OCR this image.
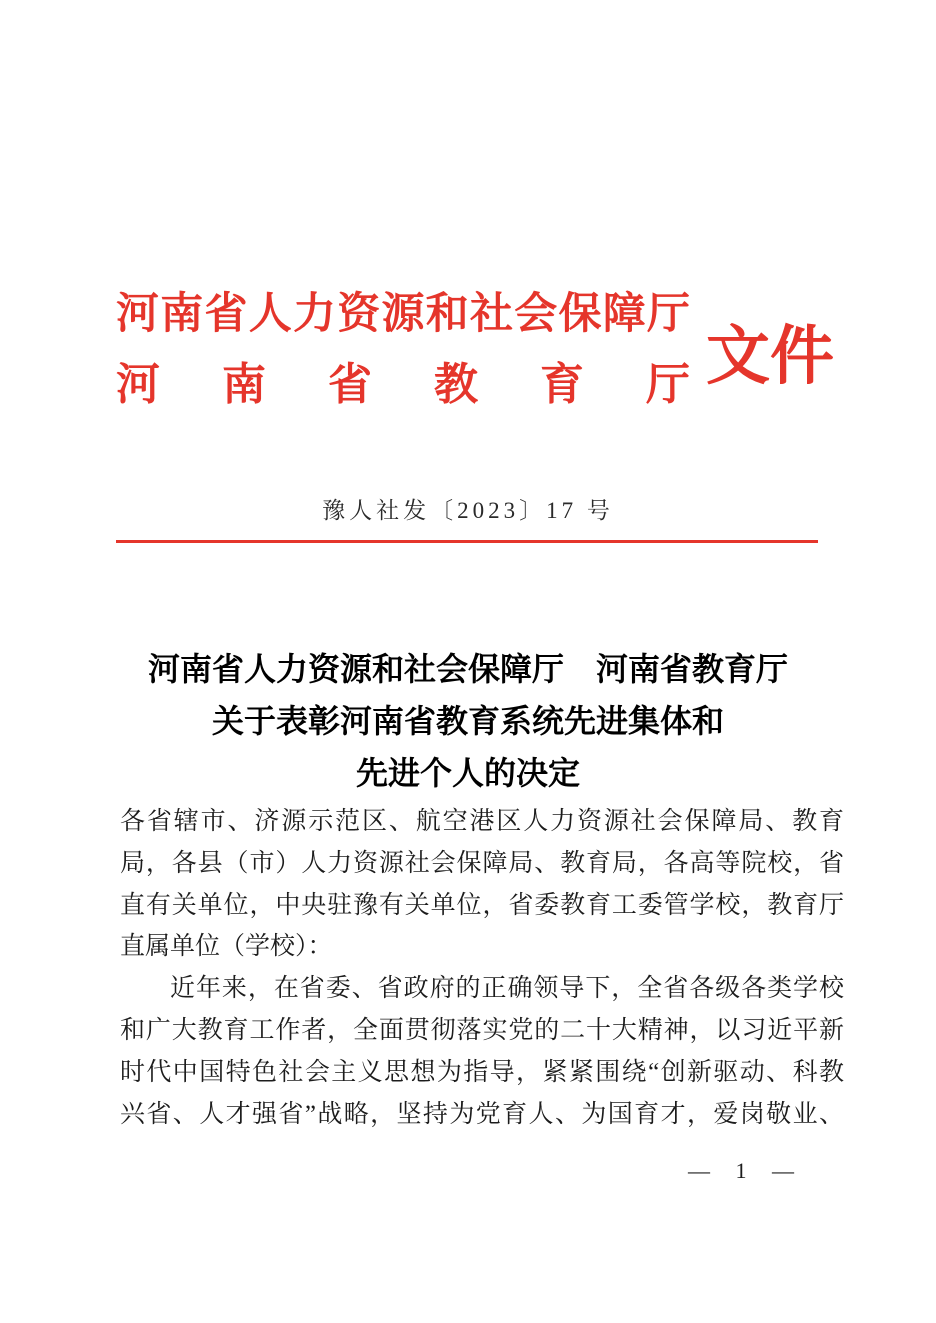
河南省人力资源和社会保障厅
河南省教育厅 文件
豫人社发〔2023〕17 号
河南省人力资源和社会保障厅　河南省教育厅
关于表彰河南省教育系统先进集体和
先进个人的决定
各省辖市、济源示范区、航空港区人力资源社会保障局、教育
局，各县（市）人力资源社会保障局、教育局，各高等院校，省
直有关单位，中央驻豫有关单位，省委教育工委管学校，教育厅
直属单位（学校）：
近年来，在省委、省政府的正确领导下，全省各级各类学校
和广大教育工作者，全面贯彻落实党的二十大精神，以习近平新
时代中国特色社会主义思想为指导，紧紧围绕“创新驱动、科教
兴省、人才强省”战略，坚持为党育人、为国育才，爱岗敬业、
— 1 —
